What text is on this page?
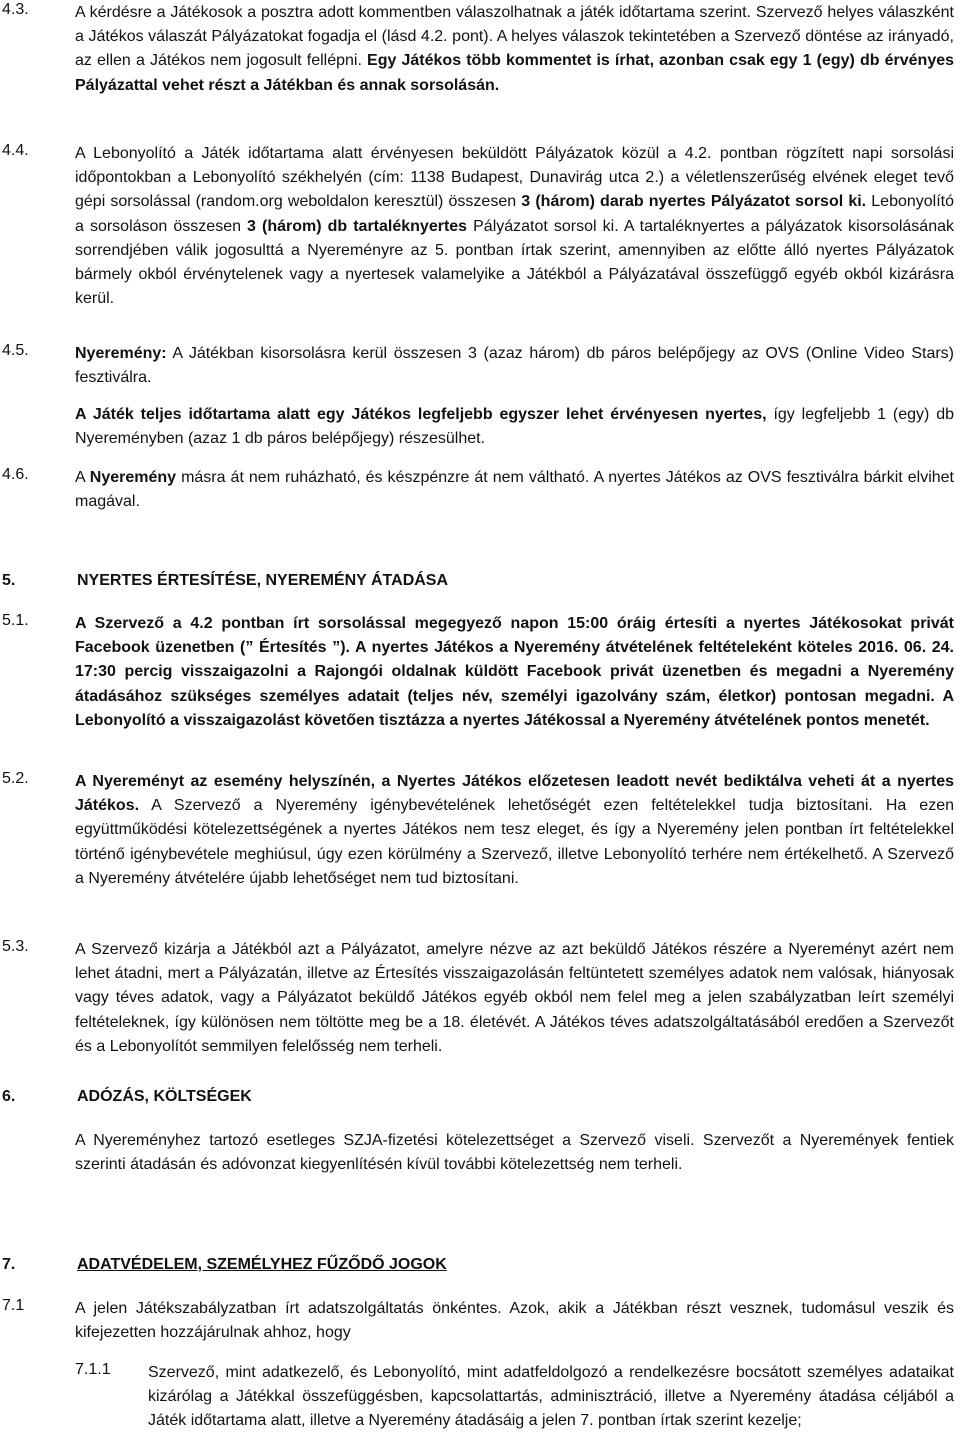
4.3.	A kérdésre a Játékosok a posztra adott kommentben válaszolhatnak a játék időtartama szerint. Szervező helyes válaszként a Játékos válaszát Pályázatokat fogadja el (lásd 4.2. pont). A helyes válaszok tekintetében a Szervező döntése az irányadó, az ellen a Játékos nem jogosult fellépni. Egy Játékos több kommentet is írhat, azonban csak egy 1 (egy) db érvényes Pályázattal vehet részt a Játékban és annak sorsolásán.
4.4.	A Lebonyolító a Játék időtartama alatt érvényesen beküldött Pályázatok közül a 4.2. pontban rögzített napi sorsolási időpontokban a Lebonyolító székhelyén (cím: 1138 Budapest, Dunavirág utca 2.) a véletlenszerűség elvének eleget tevő gépi sorsolással (random.org weboldalon keresztül) összesen 3 (három) darab nyertes Pályázatot sorsol ki. Lebonyolító a sorsoláson összesen 3 (három) db tartaléknyertes Pályázatot sorsol ki. A tartaléknyertes a pályázatok kisorsolásának sorrendjében válik jogosulttá a Nyereményre az 5. pontban írtak szerint, amennyiben az előtte álló nyertes Pályázatok bármely okból érvénytelenek vagy a nyertesek valamelyike a Játékból a Pályázatával összefüggő egyéb okból kizárásra kerül.
4.5.	Nyeremény: A Játékban kisorsolásra kerül összesen 3 (azaz három) db páros belépőjegy az OVS (Online Video Stars) fesztiválra.
A Játék teljes időtartama alatt egy Játékos legfeljebb egyszer lehet érvényesen nyertes, így legfeljebb 1 (egy) db Nyereményben (azaz 1 db páros belépőjegy) részesülhet.
4.6.	A Nyeremény másra át nem ruházható, és készpénzre át nem váltható. A nyertes Játékos az OVS fesztiválra bárkit elvihet magával.
5.	NYERTES ÉRTESÍTÉSE, NYEREMÉNY ÁTADÁSA
5.1.	A Szervező a 4.2 pontban írt sorsolással megegyező napon 15:00 óráig értesíti a nyertes Játékosokat privát Facebook üzenetben (” Értesítés ”). A nyertes Játékos a Nyeremény átvételének feltételeként köteles 2016. 06. 24. 17:30 percig visszaigazolni a Rajongói oldalnak küldött Facebook privát üzenetben és megadni a Nyeremény átadásához szükséges személyes adatait (teljes név, személyi igazolvány szám, életkor) pontosan megadni. A Lebonyolító a visszaigazolást követően tisztázza a nyertes Játékossal a Nyeremény átvételének pontos menetét.
5.2.	A Nyereményt az esemény helyszínén, a Nyertes Játékos előzetesen leadott nevét bediktálva veheti át a nyertes Játékos. A Szervező a Nyeremény igénybevételének lehetőségét ezen feltételekkel tudja biztosítani. Ha ezen együttműködési kötelezettségének a nyertes Játékos nem tesz eleget, és így a Nyeremény jelen pontban írt feltételekkel történő igénybevétele meghiúsul, úgy ezen körülmény a Szervező, illetve Lebonyolító terhére nem értékelhető. A Szervező a Nyeremény átvételére újabb lehetőséget nem tud biztosítani.
5.3.	A Szervező kizárja a Játékból azt a Pályázatot, amelyre nézve az azt beküldő Játékos részére a Nyereményt azért nem lehet átadni, mert a Pályázatán, illetve az Értesítés visszaigazolásán feltüntetett személyes adatok nem valósak, hiányosak vagy téves adatok, vagy a Pályázatot beküldő Játékos egyéb okból nem felel meg a jelen szabályzatban leírt személyi feltételeknek, így különösen nem töltötte meg be a 18. életévét. A Játékos téves adatszolgáltatásából eredően a Szervezőt és a Lebonyolítót semmilyen felelősség nem terheli.
6.	ADÓZÁS, KÖLTSÉGEK
A Nyereményhez tartozó esetleges SZJA-fizetési kötelezettséget a Szervező viseli. Szervezőt a Nyeremények fentiek szerinti átadásán és adóvonzat kiegyenlítésén kívül további kötelezettség nem terheli.
7.	ADATVÉDELEM, SZEMÉLYHEZ FŰZŐDŐ JOGOK
7.1	A jelen Játékszabályzatban írt adatszolgáltatás önkéntes. Azok, akik a Játékban részt vesznek, tudomásul veszik és kifejezetten hozzájárulnak ahhoz, hogy
7.1.1 Szervező, mint adatkezelő, és Lebonyolító, mint adatfeldolgozó a rendelkezésre bocsátott személyes adataikat kizárólag a Játékkal összefüggésben, kapcsolattartás, adminisztráció, illetve a Nyeremény átadása céljából a Játék időtartama alatt, illetve a Nyeremény átadásáig a jelen 7. pontban írtak szerint kezelje;
